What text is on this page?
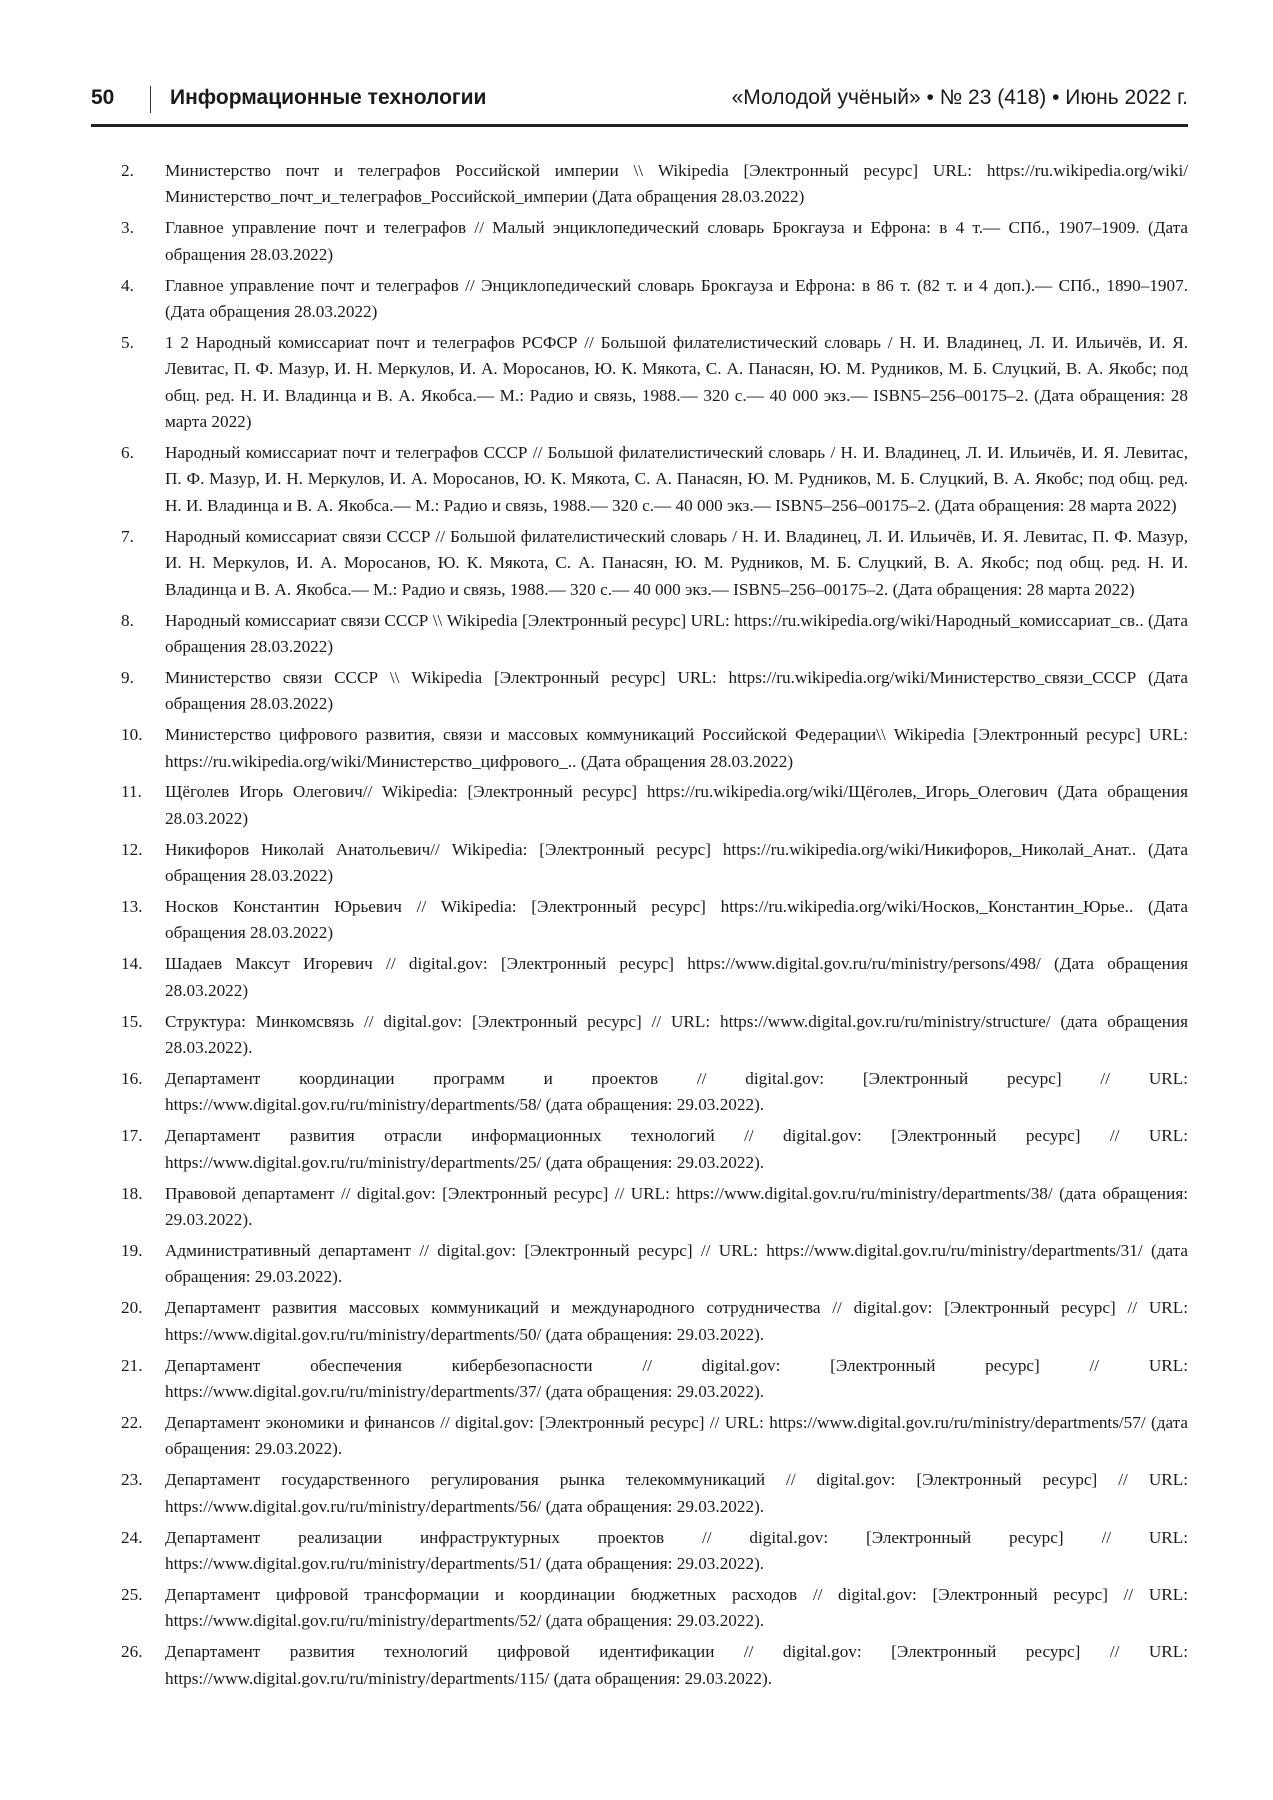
50	Информационные технологии	«Молодой учёный» • № 23 (418) • Июнь 2022 г.
2.	Министерство почт и телеграфов Российской империи \\ Wikipedia [Электронный ресурс] URL: https://ru.wikipedia.org/wiki/Министерство_почт_и_телеграфов_Российской_империи (Дата обращения 28.03.2022)
3.	Главное управление почт и телеграфов // Малый энциклопедический словарь Брокгауза и Ефрона: в 4 т.— СПб., 1907–1909. (Дата обращения 28.03.2022)
4.	Главное управление почт и телеграфов // Энциклопедический словарь Брокгауза и Ефрона: в 86 т. (82 т. и 4 доп.).— СПб., 1890–1907. (Дата обращения 28.03.2022)
5.	1 2 Народный комиссариат почт и телеграфов РСФСР // Большой филателистический словарь / Н. И. Владинец, Л. И. Ильичёв, И. Я. Левитас, П. Ф. Мазур, И. Н. Меркулов, И. А. Моросанов, Ю. К. Мякота, С. А. Панасян, Ю. М. Рудников, М. Б. Слуцкий, В. А. Якобс; под общ. ред. Н. И. Владинца и В. А. Якобса.— М.: Радио и связь, 1988.— 320 с.— 40 000 экз.— ISBN5–256–00175–2. (Дата обращения: 28 марта 2022)
6.	Народный комиссариат почт и телеграфов СССР // Большой филателистический словарь / Н. И. Владинец, Л. И. Ильичёв, И. Я. Левитас, П. Ф. Мазур, И. Н. Меркулов, И. А. Моросанов, Ю. К. Мякота, С. А. Панасян, Ю. М. Рудников, М. Б. Слуцкий, В. А. Якобс; под общ. ред. Н. И. Владинца и В. А. Якобса.— М.: Радио и связь, 1988.— 320 с.— 40 000 экз.— ISBN5–256–00175–2. (Дата обращения: 28 марта 2022)
7.	Народный комиссариат связи СССР // Большой филателистический словарь / Н. И. Владинец, Л. И. Ильичёв, И. Я. Левитас, П. Ф. Мазур, И. Н. Меркулов, И. А. Моросанов, Ю. К. Мякота, С. А. Панасян, Ю. М. Рудников, М. Б. Слуцкий, В. А. Якобс; под общ. ред. Н. И. Владинца и В. А. Якобса.— М.: Радио и связь, 1988.— 320 с.— 40 000 экз.— ISBN5–256–00175–2. (Дата обращения: 28 марта 2022)
8.	Народный комиссариат связи СССР \\ Wikipedia [Электронный ресурс] URL: https://ru.wikipedia.org/wiki/Народный_комиссариат_св.. (Дата обращения 28.03.2022)
9.	Министерство связи СССР \\ Wikipedia [Электронный ресурс] URL: https://ru.wikipedia.org/wiki/Министерство_связи_СССР (Дата обращения 28.03.2022)
10.	Министерство цифрового развития, связи и массовых коммуникаций Российской Федерации\\ Wikipedia [Электронный ресурс] URL: https://ru.wikipedia.org/wiki/Министерство_цифрового_.. (Дата обращения 28.03.2022)
11.	Щёголев Игорь Олегович// Wikipedia: [Электронный ресурс] https://ru.wikipedia.org/wiki/Щёголев,_Игорь_Олегович (Дата обращения 28.03.2022)
12.	Никифоров Николай Анатольевич// Wikipedia: [Электронный ресурс] https://ru.wikipedia.org/wiki/Никифоров,_Николай_Анат.. (Дата обращения 28.03.2022)
13.	Носков Константин Юрьевич // Wikipedia: [Электронный ресурс] https://ru.wikipedia.org/wiki/Носков,_Константин_Юрье.. (Дата обращения 28.03.2022)
14.	Шадаев Максут Игоревич // digital.gov: [Электронный ресурс] https://www.digital.gov.ru/ru/ministry/persons/498/ (Дата обращения 28.03.2022)
15.	Структура: Минкомсвязь // digital.gov: [Электронный ресурс] // URL: https://www.digital.gov.ru/ru/ministry/structure/ (дата обращения 28.03.2022).
16.	Департамент координации программ и проектов // digital.gov: [Электронный ресурс] // URL: https://www.digital.gov.ru/ru/ministry/departments/58/ (дата обращения: 29.03.2022).
17.	Департамент развития отрасли информационных технологий // digital.gov: [Электронный ресурс] // URL: https://www.digital.gov.ru/ru/ministry/departments/25/ (дата обращения: 29.03.2022).
18.	Правовой департамент // digital.gov: [Электронный ресурс] // URL: https://www.digital.gov.ru/ru/ministry/departments/38/ (дата обращения: 29.03.2022).
19.	Административный департамент // digital.gov: [Электронный ресурс] // URL: https://www.digital.gov.ru/ru/ministry/departments/31/ (дата обращения: 29.03.2022).
20.	Департамент развития массовых коммуникаций и международного сотрудничества // digital.gov: [Электронный ресурс] // URL: https://www.digital.gov.ru/ru/ministry/departments/50/ (дата обращения: 29.03.2022).
21.	Департамент обеспечения кибербезопасности // digital.gov: [Электронный ресурс] // URL: https://www.digital.gov.ru/ru/ministry/departments/37/ (дата обращения: 29.03.2022).
22.	Департамент экономики и финансов // digital.gov: [Электронный ресурс] // URL: https://www.digital.gov.ru/ru/ministry/departments/57/ (дата обращения: 29.03.2022).
23.	Департамент государственного регулирования рынка телекоммуникаций // digital.gov: [Электронный ресурс] // URL: https://www.digital.gov.ru/ru/ministry/departments/56/ (дата обращения: 29.03.2022).
24.	Департамент реализации инфраструктурных проектов // digital.gov: [Электронный ресурс] // URL: https://www.digital.gov.ru/ru/ministry/departments/51/ (дата обращения: 29.03.2022).
25.	Департамент цифровой трансформации и координации бюджетных расходов // digital.gov: [Электронный ресурс] // URL: https://www.digital.gov.ru/ru/ministry/departments/52/ (дата обращения: 29.03.2022).
26.	Департамент развития технологий цифровой идентификации // digital.gov: [Электронный ресурс] // URL: https://www.digital.gov.ru/ru/ministry/departments/115/ (дата обращения: 29.03.2022).
